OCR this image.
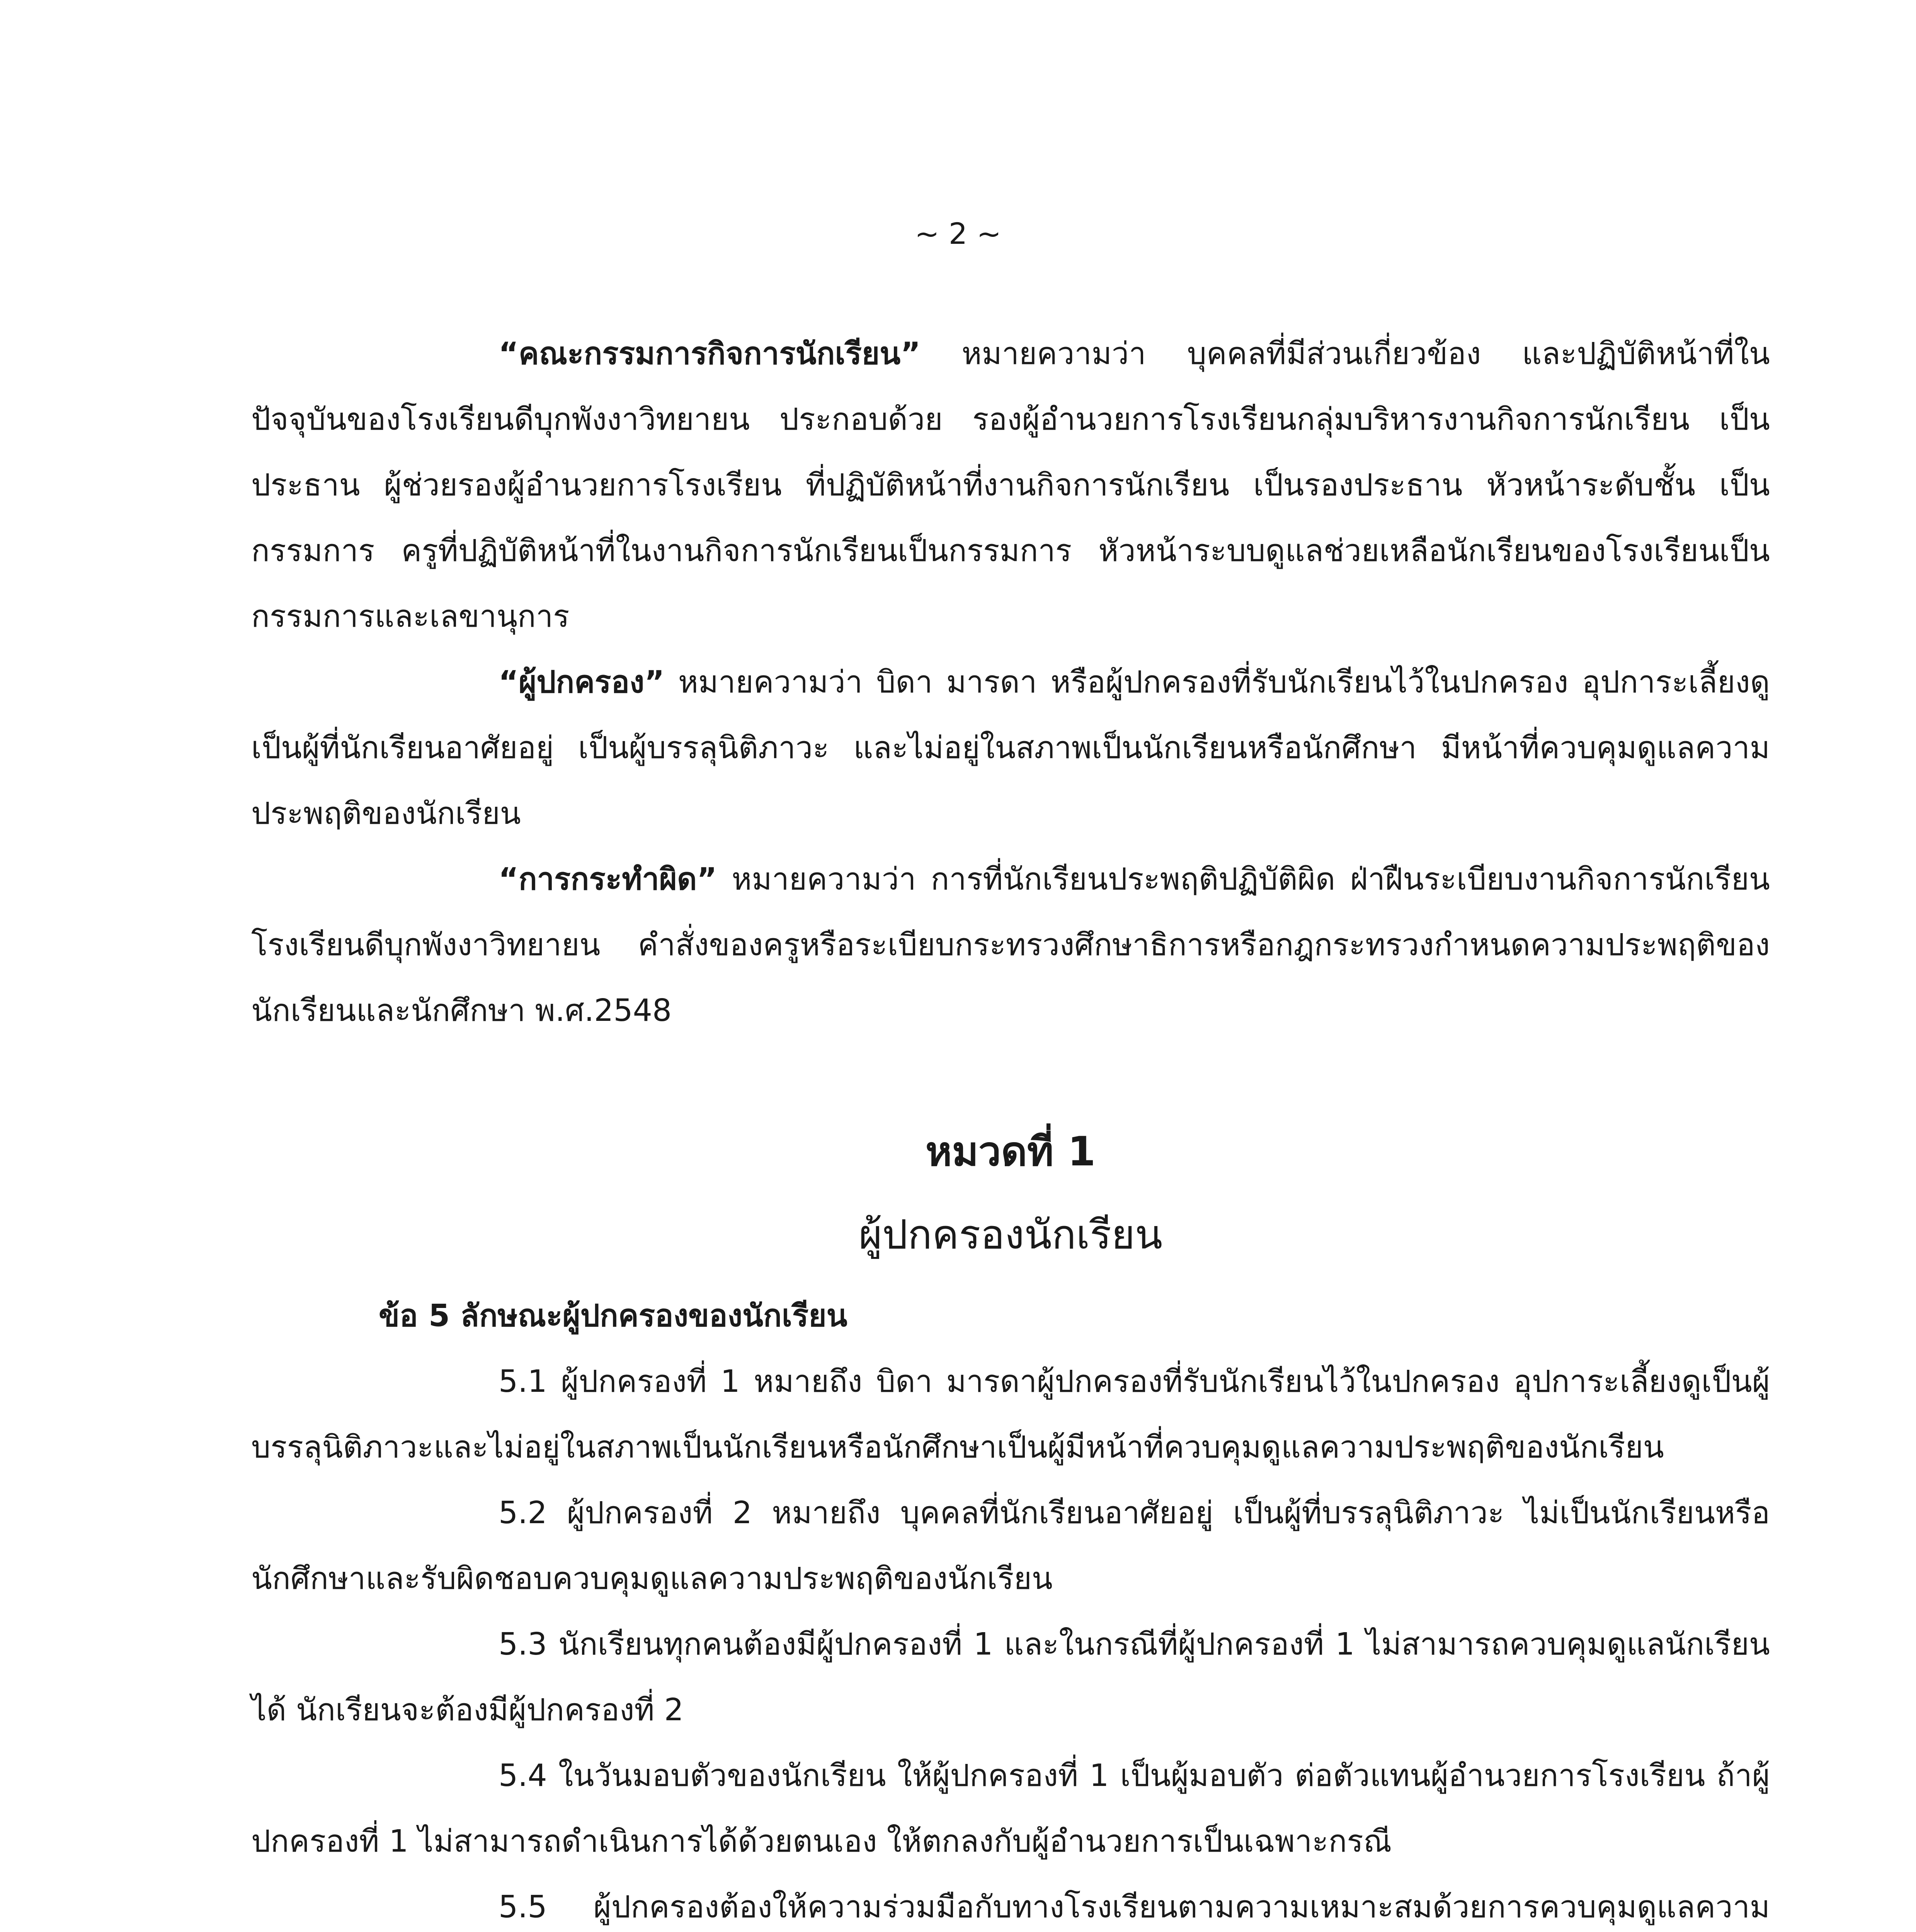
~ 2 ~

“คณะกรรมการกิจการนักเรียน” หมายความว่า บุคคลที่มีส่วนเกี่ยวข้อง และปฏิบัติหน้าที่ในปัจจุบันของโรงเรียนดีบุกพังงาวิทยายน ประกอบด้วย รองผู้อำนวยการโรงเรียนกลุ่มบริหารงานกิจการนักเรียน เป็นประธาน ผู้ช่วยรองผู้อำนวยการโรงเรียน ที่ปฏิบัติหน้าที่งานกิจการนักเรียน เป็นรองประธาน หัวหน้าระดับชั้น เป็นกรรมการ ครูที่ปฏิบัติหน้าที่ในงานกิจการนักเรียนเป็นกรรมการ หัวหน้าระบบดูแลช่วยเหลือนักเรียนของโรงเรียนเป็นกรรมการและเลขานุการ

“ผู้ปกครอง” หมายความว่า บิดา มารดา หรือผู้ปกครองที่รับนักเรียนไว้ในปกครอง อุปการะเลี้ยงดูเป็นผู้ที่นักเรียนอาศัยอยู่ เป็นผู้บรรลุนิติภาวะ และไม่อยู่ในสภาพเป็นนักเรียนหรือนักศึกษา มีหน้าที่ควบคุมดูแลความประพฤติของนักเรียน

“การกระทำผิด” หมายความว่า การที่นักเรียนประพฤติปฏิบัติผิด ฝ่าฝืนระเบียบงานกิจการนักเรียนโรงเรียนดีบุกพังงาวิทยายน คำสั่งของครูหรือระเบียบกระทรวงศึกษาธิการหรือกฎกระทรวงกำหนดความประพฤติของนักเรียนและนักศึกษา พ.ศ.2548

หมวดที่ 1
ผู้ปกครองนักเรียน

ข้อ 5 ลักษณะผู้ปกครองของนักเรียน

5.1 ผู้ปกครองที่ 1 หมายถึง บิดา มารดาผู้ปกครองที่รับนักเรียนไว้ในปกครอง อุปการะเลี้ยงดูเป็นผู้บรรลุนิติภาวะและไม่อยู่ในสภาพเป็นนักเรียนหรือนักศึกษาเป็นผู้มีหน้าที่ควบคุมดูแลความประพฤติของนักเรียน

5.2 ผู้ปกครองที่ 2 หมายถึง บุคคลที่นักเรียนอาศัยอยู่ เป็นผู้ที่บรรลุนิติภาวะ ไม่เป็นนักเรียนหรือนักศึกษาและรับผิดชอบควบคุมดูแลความประพฤติของนักเรียน

5.3 นักเรียนทุกคนต้องมีผู้ปกครองที่ 1 และในกรณีที่ผู้ปกครองที่ 1 ไม่สามารถควบคุมดูแลนักเรียนได้ นักเรียนจะต้องมีผู้ปกครองที่ 2

5.4 ในวันมอบตัวของนักเรียน ให้ผู้ปกครองที่ 1 เป็นผู้มอบตัว ต่อตัวแทนผู้อำนวยการโรงเรียน ถ้าผู้ปกครองที่ 1 ไม่สามารถดำเนินการได้ด้วยตนเอง ให้ตกลงกับผู้อำนวยการเป็นเฉพาะกรณี

5.5 ผู้ปกครองต้องให้ความร่วมมือกับทางโรงเรียนตามความเหมาะสมด้วยการควบคุมดูแลความ
